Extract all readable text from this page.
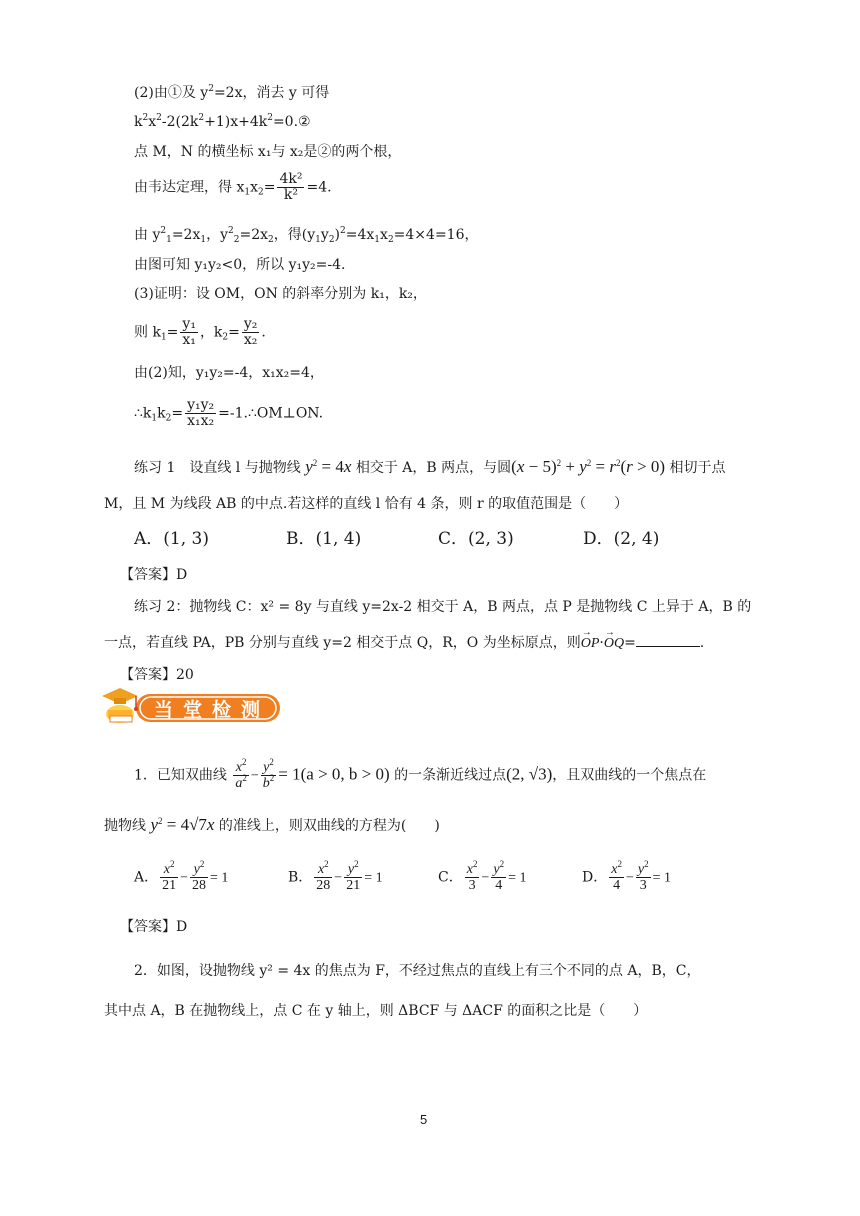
(2)由①及 $y^2=2x$，消去 y 可得
$k^2x^2-2(2k^2+1)x+4k^2=0.②$
点 M，N 的横坐标 x₁与 x₂是②的两个根，
由韦达定理，得 $x_1x_2= \frac{\text{4k²}}{\text{k²}} =4$.
由 $y^2_1=2x_1$，$y^2_2=2x_2$，得$(y_1y_2)^2=4x_1x_2=4\times 4=16$，
由图可知 y₁y₂<0，所以 y₁y₂=-4.
(3)证明：设 OM，ON 的斜率分别为 k₁，k₂，
则 $k_1= \frac{\text{y₁}}{\text{x₁}}$ ，$k_2= \frac{\text{y₂}}{\text{x₂}}$ .
由(2)知，y₁y₂=-4，x₁x₂=4，
$\therefore k_1k_2= \frac{\text{y₁y₂}}{\text{x₁x₂}}$ =-1.∴OM⊥ON.
练习 1　设直线 l 与抛物线 $y^2 = 4x$ 相交于 A，B 两点，与圆$(x - 5)^2 + y^2 = r^2(r > 0)$ 相切于点
M，且 M 为线段 AB 的中点.若这样的直线 l 恰有 4 条，则 r 的取值范围是（　　）
A．(1, 3)	B．(1, 4)	C．(2, 3)	D．(2, 4)
【答案】D
练习 2：抛物线 C：x² = 8y 与直线 y=2x-2 相交于 A，B 两点，点 P 是抛物线 C 上异于 A，B 的
一点，若直线 PA，PB 分别与直线 y=2 相交于点 Q，R，O 为坐标原点，则→ OP·→ OQ=	.
【答案】20
当堂检测
1．已知双曲线 $\frac{x^2}{a^2} - \frac{y^2}{b^2} = 1(a > 0$, b > 0) 的一条渐近线过点(2, √3)，且双曲线的一个焦点在
抛物线 $y^2 = 4√7x$ 的准线上，则双曲线的方程为(　　)
A． $\frac{x^2}{21} - \frac{y^2}{28} = 1$	B． $\frac{x^2}{28} - \frac{y^2}{21} = 1$	C． $\frac{x^2}{3} - \frac{y^2}{4} = 1$	D． $\frac{x^2}{4} - \frac{y^2}{3} = 1$
【答案】D
2．如图，设抛物线 y² = 4x 的焦点为 F，不经过焦点的直线上有三个不同的点 A，B，C，
其中点 A，B 在抛物线上，点 C 在 y 轴上，则 ΔBCF 与 ΔACF 的面积之比是（　　）
5
